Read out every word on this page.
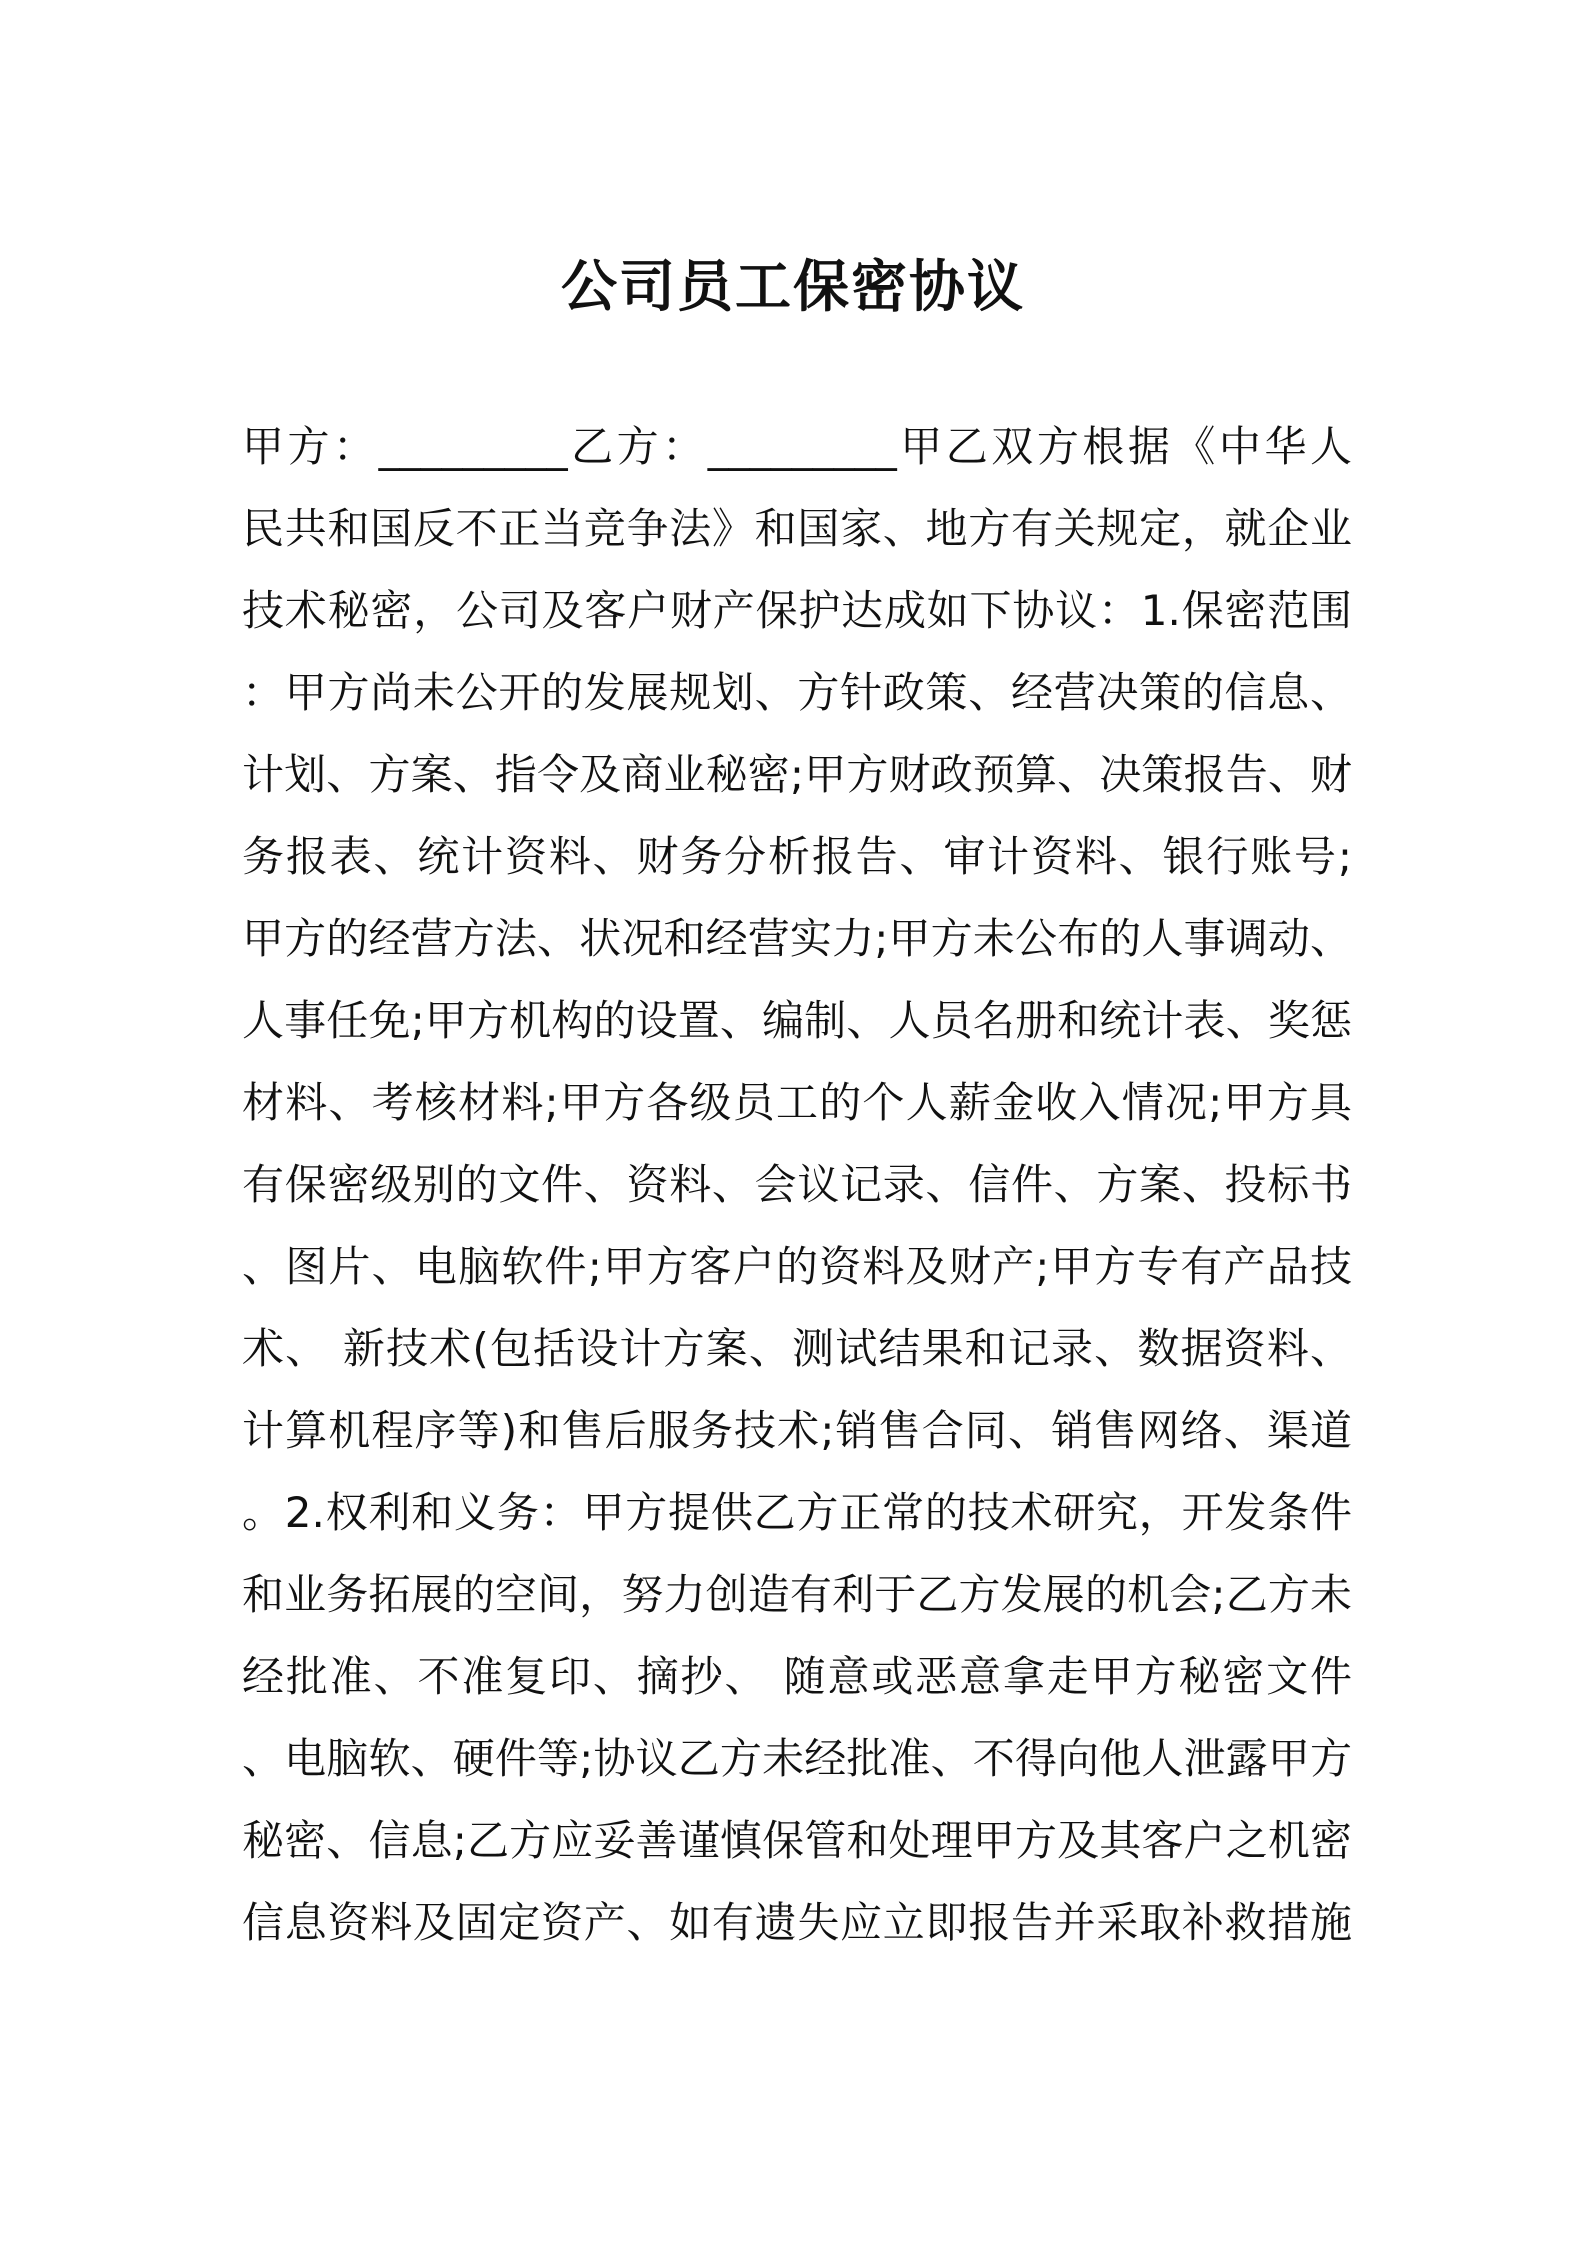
公司员工保密协议
甲方：_________乙方：_________甲乙双方根据《中华人
民共和国反不正当竞争法》和国家、地方有关规定，就企业
技术秘密，公司及客户财产保护达成如下协议：1.保密范围
：甲方尚未公开的发展规划、方针政策、经营决策的信息、
计划、方案、指令及商业秘密;甲方财政预算、决策报告、财
务报表、统计资料、财务分析报告、审计资料、银行账号;
甲方的经营方法、状况和经营实力;甲方未公布的人事调动、
人事任免;甲方机构的设置、编制、人员名册和统计表、奖惩
材料、考核材料;甲方各级员工的个人薪金收入情况;甲方具
有保密级别的文件、资料、会议记录、信件、方案、投标书
、图片、电脑软件;甲方客户的资料及财产;甲方专有产品技
术、 新技术(包括设计方案、测试结果和记录、数据资料、
计算机程序等)和售后服务技术;销售合同、销售网络、渠道
。2.权利和义务：甲方提供乙方正常的技术研究，开发条件
和业务拓展的空间，努力创造有利于乙方发展的机会;乙方未
经批准、不准复印、摘抄、 随意或恶意拿走甲方秘密文件
、电脑软、硬件等;协议乙方未经批准、不得向他人泄露甲方
秘密、信息;乙方应妥善谨慎保管和处理甲方及其客户之机密
信息资料及固定资产、如有遗失应立即报告并采取补救措施
